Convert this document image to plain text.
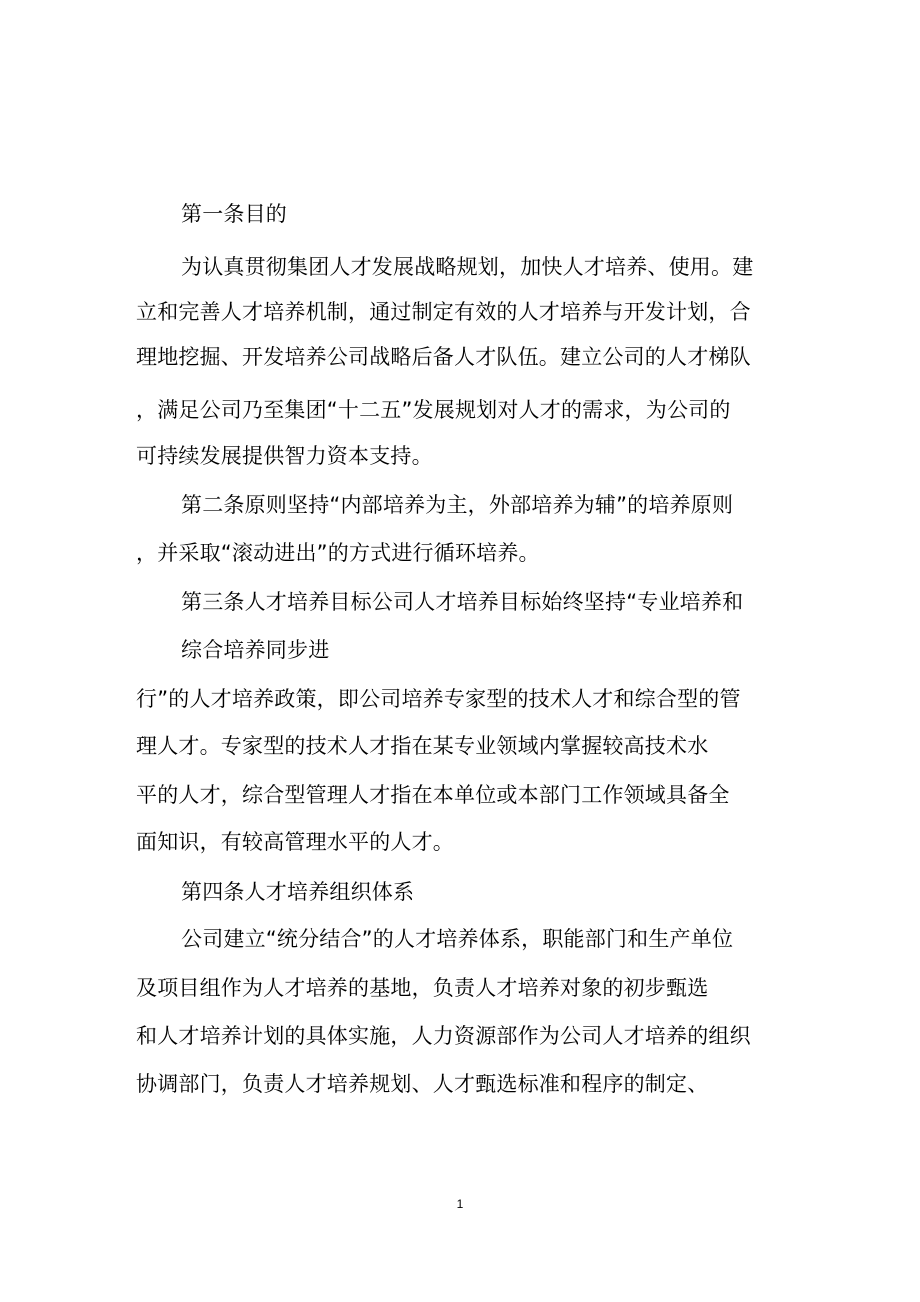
第一条目的
为认真贯彻集团人才发展战略规划，加快人才培养、使用。建
立和完善人才培养机制，通过制定有效的人才培养与开发计划，合
理地挖掘、开发培养公司战略后备人才队伍。建立公司的人才梯队
，满足公司乃至集团“十二五”发展规划对人才的需求，为公司的
可持续发展提供智力资本支持。
第二条原则坚持“内部培养为主，外部培养为辅”的培养原则
，并采取“滚动进出”的方式进行循环培养。
第三条人才培养目标公司人才培养目标始终坚持“专业培养和
综合培养同步进
行”的人才培养政策，即公司培养专家型的技术人才和综合型的管
理人才。专家型的技术人才指在某专业领域内掌握较高技术水
平的人才，综合型管理人才指在本单位或本部门工作领域具备全
面知识，有较高管理水平的人才。
第四条人才培养组织体系
公司建立“统分结合”的人才培养体系，职能部门和生产单位
及项目组作为人才培养的基地，负责人才培养对象的初步甄选
和人才培养计划的具体实施，人力资源部作为公司人才培养的组织
协调部门，负责人才培养规划、人才甄选标准和程序的制定、
1
